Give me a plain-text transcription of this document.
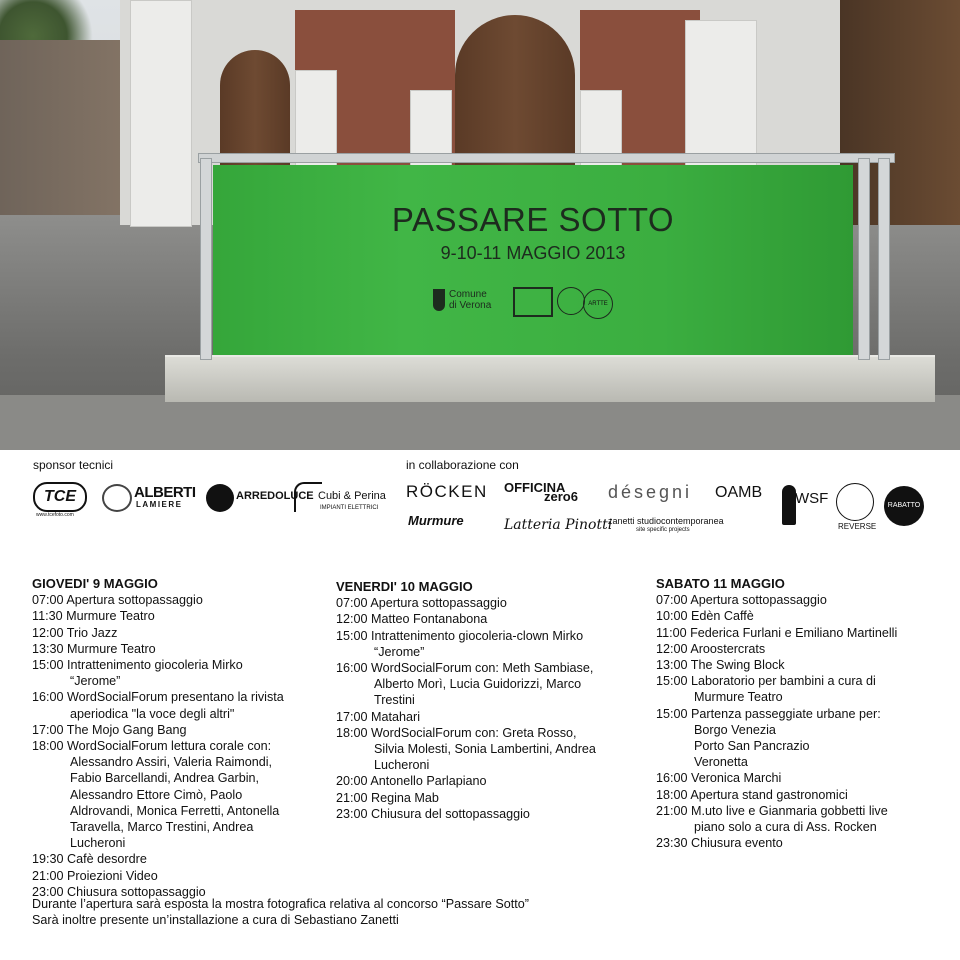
PASSARE SOTTO
9-10-11 MAGGIO 2013
Comune
di Verona	ARTTE
sponsor tecnici	in collaborazione con
TCE
www.tcefoto.com
ALBERTI
LAMIERE
ARREDOLUCE Cubi & Perina
IMPIANTI ELETTRICI
RÖCKEN OFFICINA
zero6 désegni OAMB WSF
REVERSE
RABATTO
Murmure	Latteria Pinotti
zanetti studiocontemporanea
site specific projects
GIOVEDI' 9 MAGGIO
07:00 Apertura sottopassaggio
11:30 Murmure Teatro
12:00 Trio Jazz
13:30 Murmure Teatro
15:00 Intrattenimento giocoleria Mirko
“Jerome”
16:00 WordSocialForum presentano la rivista
aperiodica "la voce degli altri"
17:00 The Mojo Gang Bang
18:00 WordSocialForum lettura corale con:
Alessandro Assiri, Valeria Raimondi,
Fabio Barcellandi, Andrea Garbin,
Alessandro Ettore Cimò, Paolo
Aldrovandi, Monica Ferretti, Antonella
Taravella, Marco Trestini, Andrea
Lucheroni
19:30 Cafè desordre
21:00 Proiezioni Video
23:00 Chiusura sottopassaggio
VENERDI' 10 MAGGIO
07:00 Apertura sottopassaggio
12:00 Matteo Fontanabona
15:00 Intrattenimento giocoleria-clown Mirko
“Jerome”
16:00 WordSocialForum con: Meth Sambiase,
Alberto Morì, Lucia Guidorizzi, Marco
Trestini
17:00 Matahari
18:00 WordSocialForum con: Greta Rosso,
Silvia Molesti, Sonia Lambertini, Andrea
Lucheroni
20:00 Antonello Parlapiano
21:00 Regina Mab
23:00 Chiusura del sottopassaggio
SABATO 11 MAGGIO
07:00 Apertura sottopassaggio
10:00 Edèn Caffè
11:00 Federica Furlani e Emiliano Martinelli
12:00 Aroostercrats
13:00 The Swing Block
15:00 Laboratorio per bambini a cura di
Murmure Teatro
15:00 Partenza passeggiate urbane per:
Borgo Venezia
Porto San Pancrazio
Veronetta
16:00 Veronica Marchi
18:00 Apertura stand gastronomici
21:00 M.uto live e Gianmaria gobbetti live
piano solo a cura di Ass. Rocken
23:30 Chiusura evento
Durante l’apertura sarà esposta la mostra fotografica relativa al concorso “Passare Sotto”
Sarà inoltre presente un’installazione a cura di Sebastiano Zanetti
